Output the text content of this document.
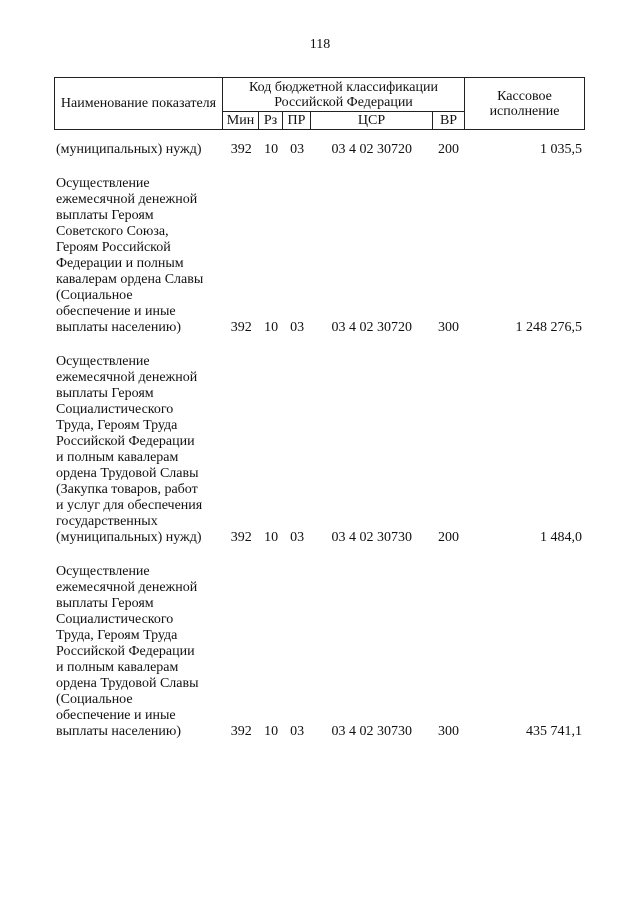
118
Наименование показателя	Код бюджетной классификации Российской Федерации					Кассовое исполнение
	Мин	Рз	ПР	ЦСР	ВР	
(муниципальных) нужд)	392 10 03	03 4 02 30720	200	1 035,5
Осуществление
ежемесячной денежной
выплаты Героям
Советского Союза,
Героям Российской
Федерации и полным
кавалерам ордена Славы
(Социальное
обеспечение и иные
выплаты населению)	392 10 03	03 4 02 30720	300	1 248 276,5
Осуществление
ежемесячной денежной
выплаты Героям
Социалистического
Труда, Героям Труда
Российской Федерации
и полным кавалерам
ордена Трудовой Славы
(Закупка товаров, работ
и услуг для обеспечения
государственных
(муниципальных) нужд)	392 10 03	03 4 02 30730	200	1 484,0
Осуществление
ежемесячной денежной
выплаты Героям
Социалистического
Труда, Героям Труда
Российской Федерации
и полным кавалерам
ордена Трудовой Славы
(Социальное
обеспечение и иные
выплаты населению)	392 10 03	03 4 02 30730	300	435 741,1
